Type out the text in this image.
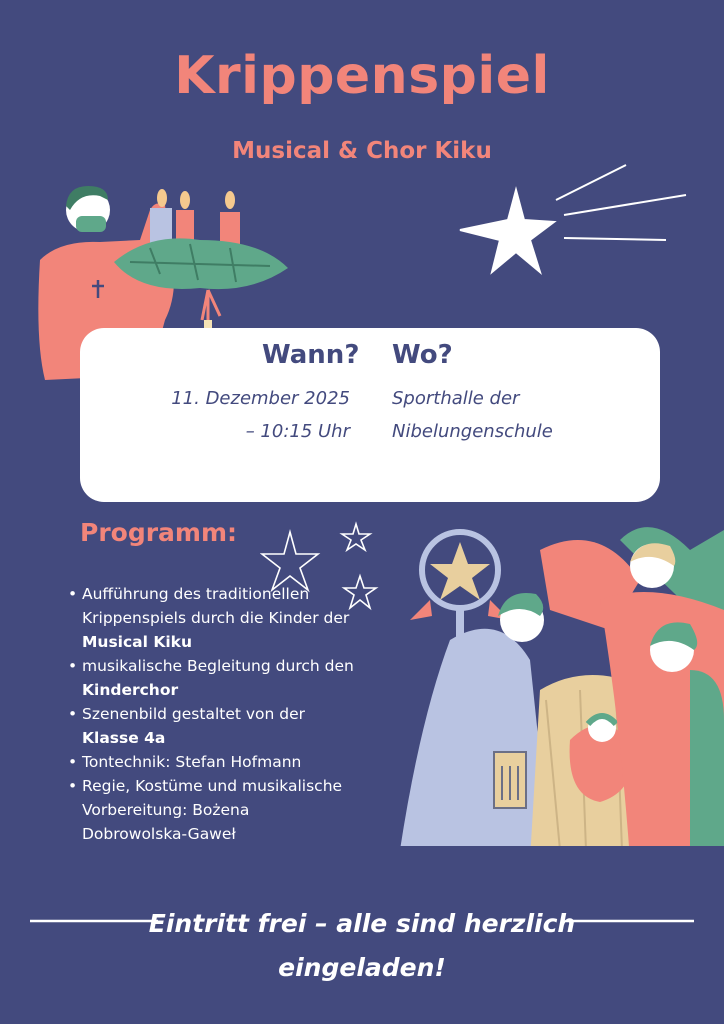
Krippenspiel
Musical & Chor Kiku
Wann? Wo?
11. Dezember 2025
– 10:15 Uhr
Sporthalle der
Nibelungenschule
Programm:
• Aufführung des traditionellen Krippenspiels durch die Kinder der Musical Kiku
• musikalische Begleitung durch den Kinderchor
• Szenenbild gestaltet von der Klasse 4a
• Tontechnik: Stefan Hofmann
• Regie, Kostüme und musikalische Vorbereitung: Bożena Dobrowolska-Gaweł
Eintritt frei – alle sind herzlich
eingeladen!
